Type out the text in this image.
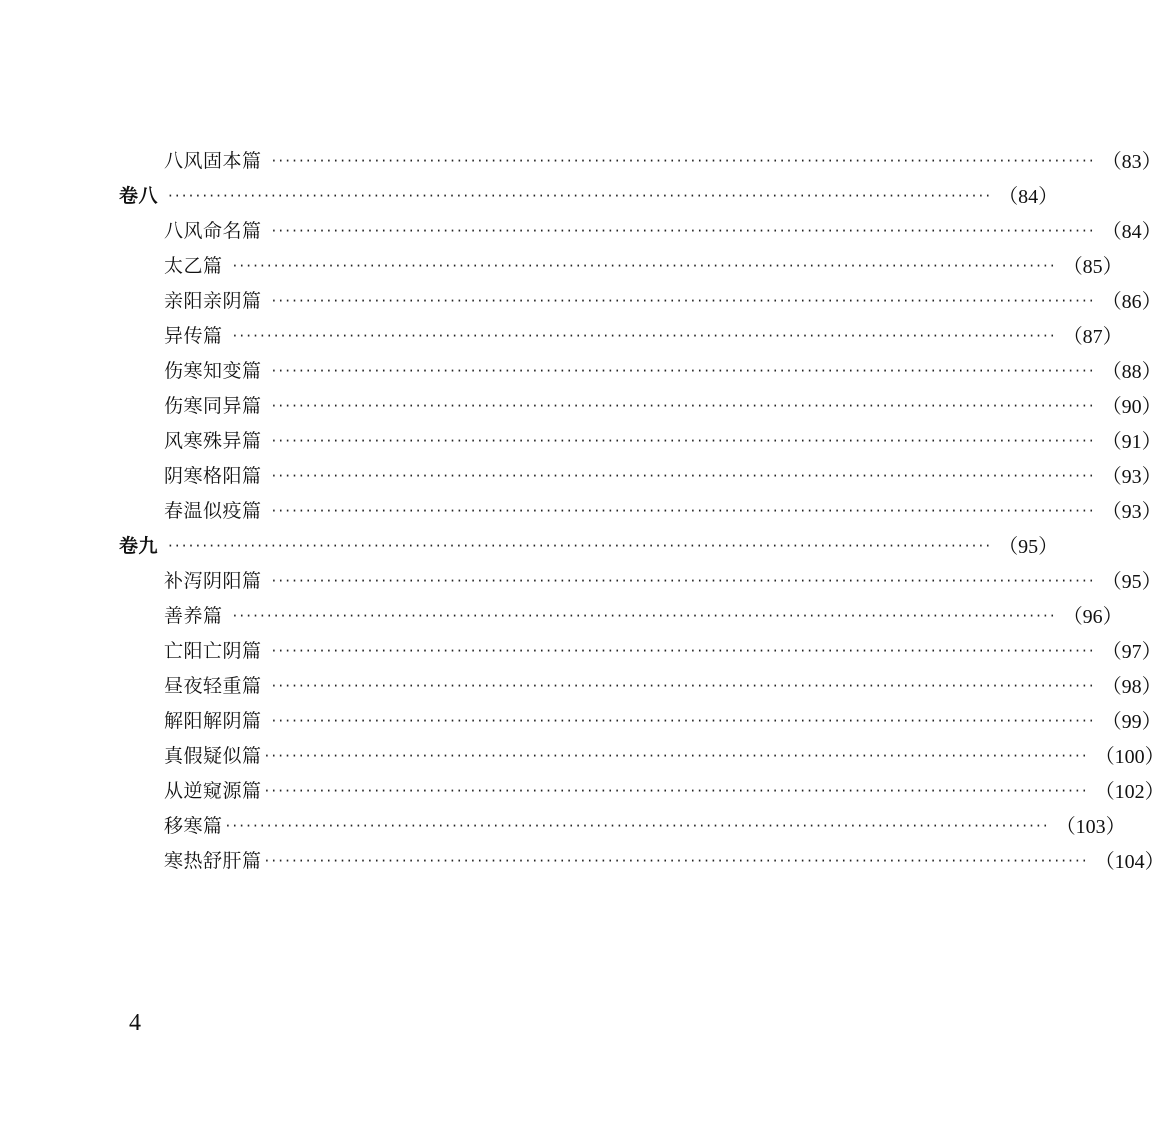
八风固本篇 ························································································································ （83）
卷八 ························································································································ （84）
八风命名篇 ························································································································ （84）
太乙篇 ························································································································ （85）
亲阳亲阴篇 ························································································································ （86）
异传篇 ························································································································ （87）
伤寒知变篇 ························································································································ （88）
伤寒同异篇 ························································································································ （90）
风寒殊异篇 ························································································································ （91）
阴寒格阳篇 ························································································································ （93）
春温似疫篇 ························································································································ （93）
卷九 ························································································································ （95）
补泻阴阳篇 ························································································································ （95）
善养篇 ························································································································ （96）
亡阳亡阴篇 ························································································································ （97）
昼夜轻重篇 ························································································································ （98）
解阳解阴篇 ························································································································ （99）
真假疑似篇 ························································································································ （100）
从逆窥源篇 ························································································································ （102）
移寒篇 ························································································································ （103）
寒热舒肝篇 ························································································································ （104）
4
